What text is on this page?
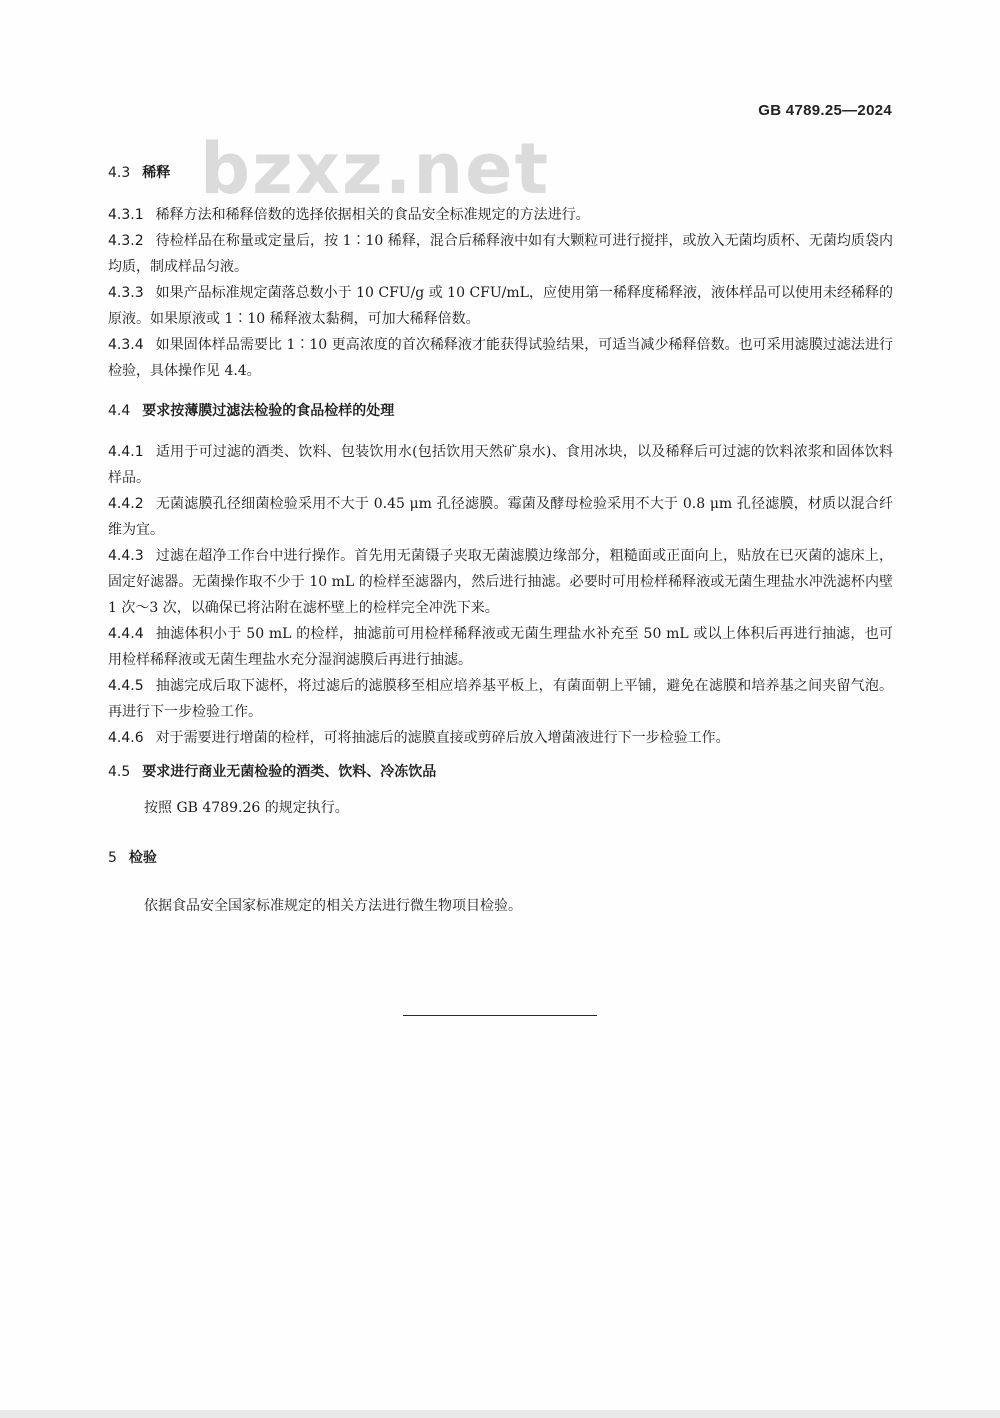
GB 4789.25—2024
bzxz.net
4.3 稀释
4.3.1 稀释方法和稀释倍数的选择依据相关的食品安全标准规定的方法进行。
4.3.2 待检样品在称量或定量后，按 1∶10 稀释，混合后稀释液中如有大颗粒可进行搅拌，或放入无菌均质杯、无菌均质袋内均质，制成样品匀液。
4.3.3 如果产品标准规定菌落总数小于 10 CFU/g 或 10 CFU/mL，应使用第一稀释度稀释液，液体样品可以使用未经稀释的原液。如果原液或 1∶10 稀释液太黏稠，可加大稀释倍数。
4.3.4 如果固体样品需要比 1∶10 更高浓度的首次稀释液才能获得试验结果，可适当减少稀释倍数。也可采用滤膜过滤法进行检验，具体操作见 4.4。
4.4 要求按薄膜过滤法检验的食品检样的处理
4.4.1 适用于可过滤的酒类、饮料、包装饮用水(包括饮用天然矿泉水)、食用冰块，以及稀释后可过滤的饮料浓浆和固体饮料样品。
4.4.2 无菌滤膜孔径细菌检验采用不大于 0.45 μm 孔径滤膜。霉菌及酵母检验采用不大于 0.8 μm 孔径滤膜，材质以混合纤维为宜。
4.4.3 过滤在超净工作台中进行操作。首先用无菌镊子夹取无菌滤膜边缘部分，粗糙面或正面向上，贴放在已灭菌的滤床上，固定好滤器。无菌操作取不少于 10 mL 的检样至滤器内，然后进行抽滤。必要时可用检样稀释液或无菌生理盐水冲洗滤杯内壁 1 次～3 次，以确保已将沾附在滤杯壁上的检样完全冲洗下来。
4.4.4 抽滤体积小于 50 mL 的检样，抽滤前可用检样稀释液或无菌生理盐水补充至 50 mL 或以上体积后再进行抽滤，也可用检样稀释液或无菌生理盐水充分湿润滤膜后再进行抽滤。
4.4.5 抽滤完成后取下滤杯，将过滤后的滤膜移至相应培养基平板上，有菌面朝上平铺，避免在滤膜和培养基之间夹留气泡。再进行下一步检验工作。
4.4.6 对于需要进行增菌的检样，可将抽滤后的滤膜直接或剪碎后放入增菌液进行下一步检验工作。
4.5 要求进行商业无菌检验的酒类、饮料、冷冻饮品
按照 GB 4789.26 的规定执行。
5 检验
依据食品安全国家标准规定的相关方法进行微生物项目检验。
